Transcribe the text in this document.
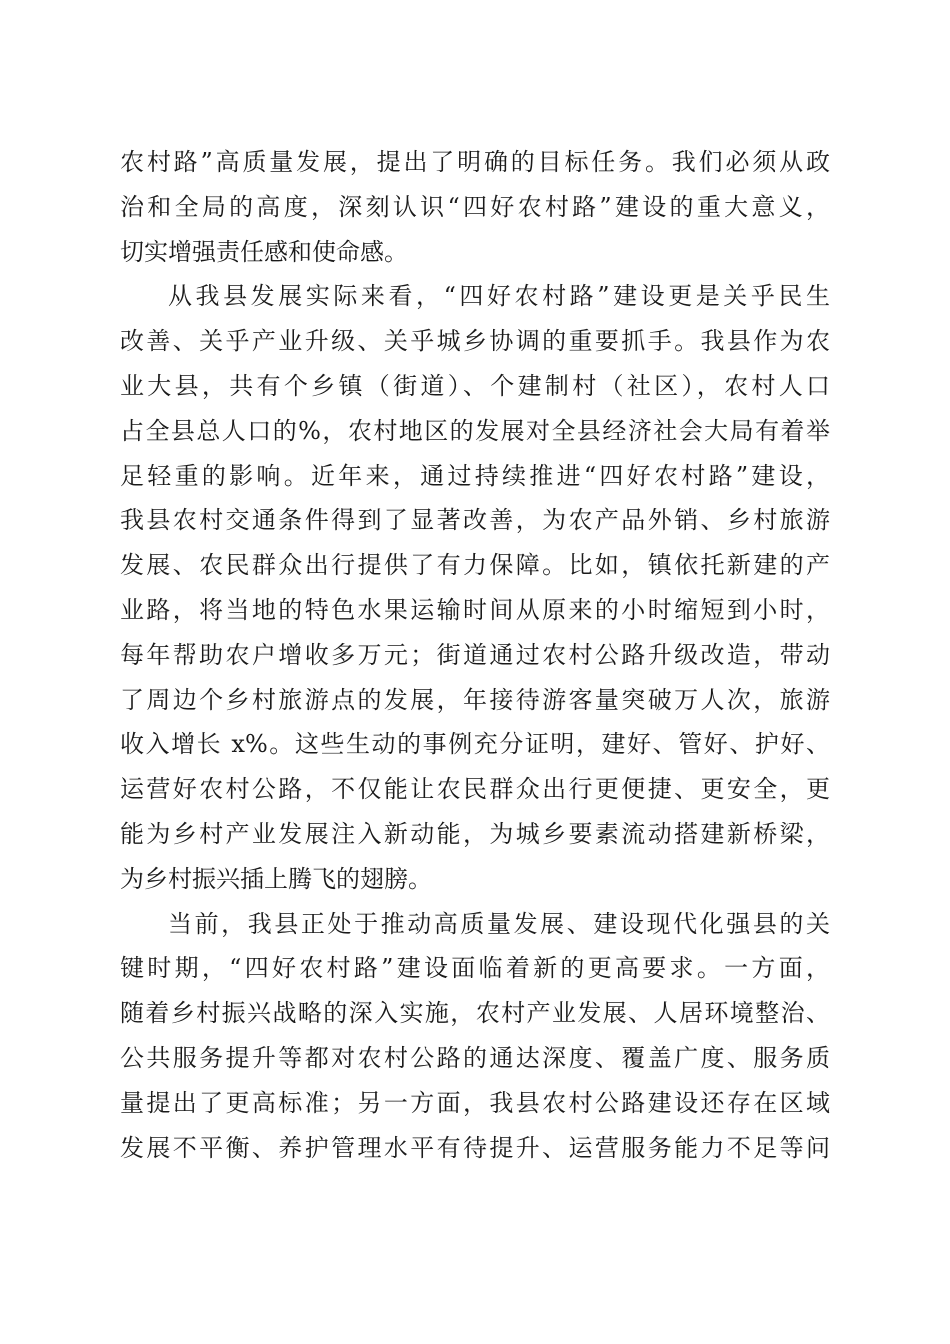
农村路”高质量发展，提出了明确的目标任务。我们必须从政
治和全局的高度，深刻认识“四好农村路”建设的重大意义，
切实增强责任感和使命感。
从我县发展实际来看，“四好农村路”建设更是关乎民生
改善、关乎产业升级、关乎城乡协调的重要抓手。我县作为农
业大县，共有个乡镇（街道）、个建制村（社区），农村人口
占全县总人口的%，农村地区的发展对全县经济社会大局有着举
足轻重的影响。近年来，通过持续推进“四好农村路”建设，
我县农村交通条件得到了显著改善，为农产品外销、乡村旅游
发展、农民群众出行提供了有力保障。比如，镇依托新建的产
业路，将当地的特色水果运输时间从原来的小时缩短到小时，
每年帮助农户增收多万元；街道通过农村公路升级改造，带动
了周边个乡村旅游点的发展，年接待游客量突破万人次，旅游
收入增长 x%。这些生动的事例充分证明，建好、管好、护好、
运营好农村公路，不仅能让农民群众出行更便捷、更安全，更
能为乡村产业发展注入新动能，为城乡要素流动搭建新桥梁，
为乡村振兴插上腾飞的翅膀。
当前，我县正处于推动高质量发展、建设现代化强县的关
键时期，“四好农村路”建设面临着新的更高要求。一方面，
随着乡村振兴战略的深入实施，农村产业发展、人居环境整治、
公共服务提升等都对农村公路的通达深度、覆盖广度、服务质
量提出了更高标准；另一方面，我县农村公路建设还存在区域
发展不平衡、养护管理水平有待提升、运营服务能力不足等问
